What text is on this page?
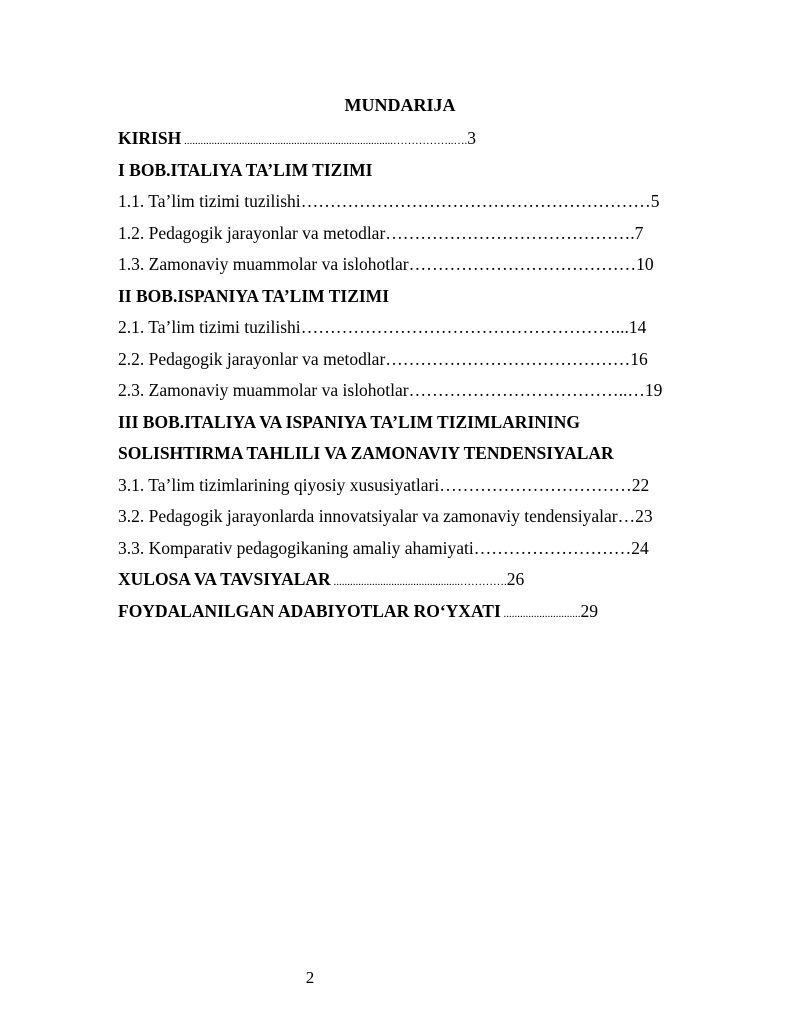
MUNDARIJA
KIRISH ............................................................................……………..….3
I BOB.ITALIYA TA’LIM TIZIMI
1.1. Ta’lim tizimi tuzilishi……………………………………………………5
1.2. Pedagogik jarayonlar va metodlar…………………………………….7
1.3. Zamonaviy muammolar va islohotlar…………………………………10
II BOB.ISPANIYA TA’LIM TIZIMI
2.1. Ta’lim tizimi tuzilishi………………………………………………...14
2.2. Pedagogik jarayonlar va metodlar……………………………………16
2.3. Zamonaviy muammolar va islohotlar………………………………..…19
III BOB.ITALIYA VA ISPANIYA TA’LIM TIZIMLARINING
SOLISHTIRMA TAHLILI VA ZAMONAVIY TENDENSIYALAR
3.1. Ta’lim tizimlarining qiyosiy xususiyatlari……………………………22
3.2. Pedagogik jarayonlarda innovatsiyalar va zamonaviy tendensiyalar…23
3.3. Komparativ pedagogikaning amaliy ahamiyati………………………24
XULOSA VA TAVSIYALAR ..............................................………….26
FOYDALANILGAN ADABIYOTLAR RO‘YXATI ............................29
2
